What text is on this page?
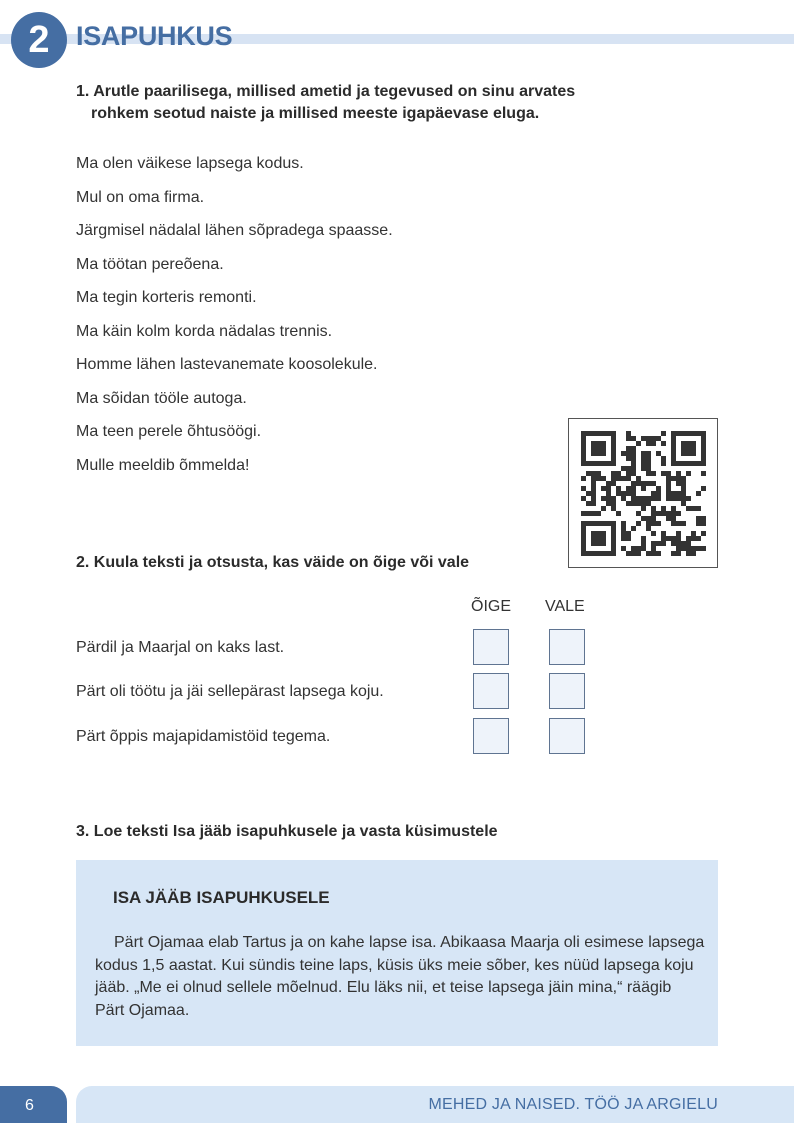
2 ISAPUHKUS
1. Arutle paarilisega, millised ametid ja tegevused on sinu arvates
rohkem seotud naiste ja millised meeste igapäevase eluga.
Ma olen väikese lapsega kodus.
Mul on oma firma.
Järgmisel nädalal lähen sõpradega spaasse.
Ma töötan pereõena.
Ma tegin korteris remonti.
Ma käin kolm korda nädalas trennis.
Homme lähen lastevanemate koosolekule.
Ma sõidan tööle autoga.
Ma teen perele õhtusöögi.
Mulle meeldib õmmelda!
2. Kuula teksti ja otsusta, kas väide on õige või vale
ÕIGE VALE
Pärdil ja Maarjal on kaks last.
Pärt oli töötu ja jäi sellepärast lapsega koju.
Pärt õppis majapidamistöid tegema.
3. Loe teksti Isa jääb isapuhkusele ja vasta küsimustele
ISA JÄÄB ISAPUHKUSELE

Pärt Ojamaa elab Tartus ja on kahe lapse isa. Abikaasa Maarja oli esimese lapsega kodus 1,5 aastat. Kui sündis teine laps, küsis üks meie sõber, kes nüüd lapsega koju jääb. „Me ei olnud sellele mõelnud. Elu läks nii, et teise lapsega jäin mina,“ räägib Pärt Ojamaa.

6	MEHED JA NAISED. TÖÖ JA ARGIELU
